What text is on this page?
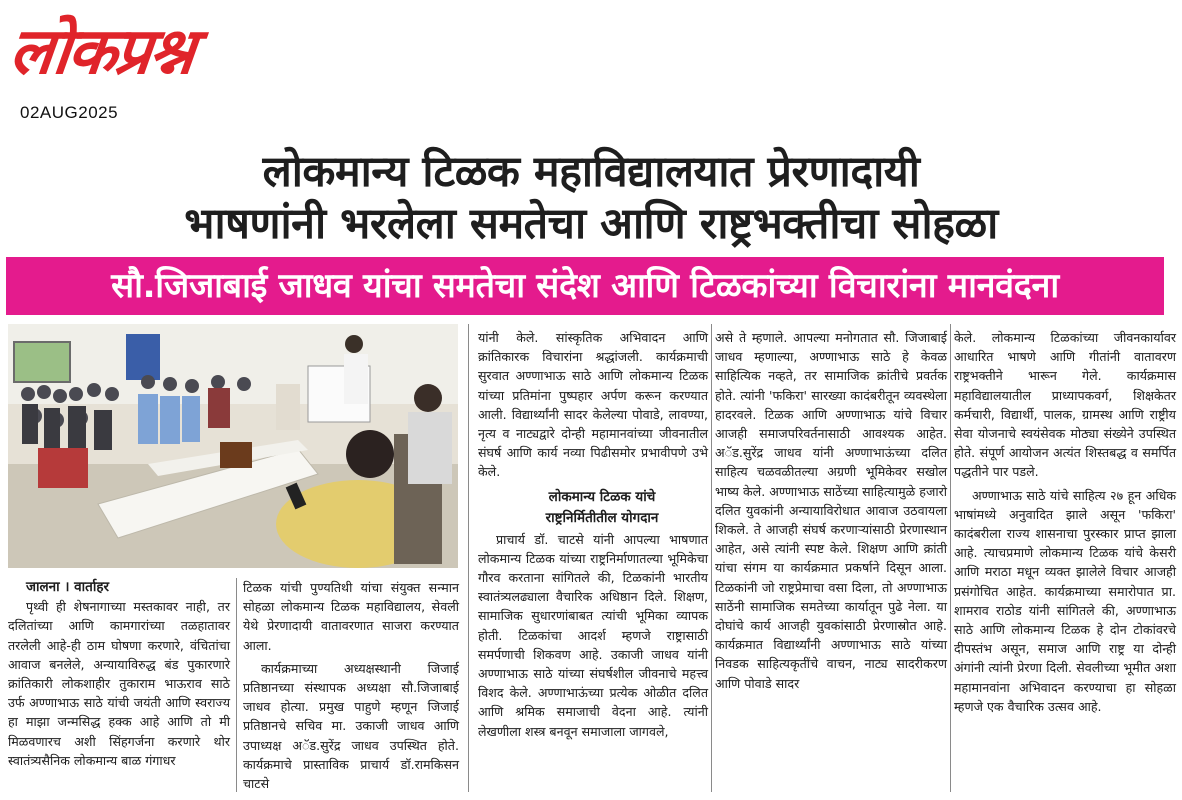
लोकप्रश्न
02AUG2025
लोकमान्य टिळक महाविद्यालयात प्रेरणादायी
भाषणांनी भरलेला समतेचा आणि राष्ट्रभक्तीचा सोहळा
सौ.जिजाबाई जाधव यांचा समतेचा संदेश आणि टिळकांच्या विचारांना मानवंदना

जालना । वार्ताहर

पृथ्वी ही शेषनागाच्या मस्तकावर नाही, तर दलितांच्या आणि कामगारांच्या तळहातावर तरलेली आहे-ही ठाम घोषणा करणारे, वंचितांचा आवाज बनलेले, अन्यायाविरुद्ध बंड पुकारणारे क्रांतिकारी लोकशाहीर तुकाराम भाऊराव साठे उर्फ अण्णाभाऊ साठे यांची जयंती आणि स्वराज्य हा माझा जन्मसिद्ध हक्क आहे आणि तो मी मिळवणारच अशी सिंहगर्जना करणारे थोर स्वातंत्र्यसैनिक लोकमान्य बाळ गंगाधर

टिळक यांची पुण्यतिथी यांचा संयुक्त सन्मान सोहळा लोकमान्य टिळक महाविद्यालय, सेवली येथे प्रेरणादायी वातावरणात साजरा करण्यात आला.

कार्यक्रमाच्या अध्यक्षस्थानी जिजाई प्रतिष्ठानच्या संस्थापक अध्यक्षा सौ.जिजाबाई जाधव होत्या. प्रमुख पाहुणे म्हणून जिजाई प्रतिष्ठानचे सचिव मा. उकाजी जाधव आणि उपाध्यक्ष अॅड.सुरेंद्र जाधव उपस्थित होते. कार्यक्रमाचे प्रास्ताविक प्राचार्य डॉ.रामकिसन चाटसे

यांनी केले. सांस्कृतिक अभिवादन आणि क्रांतिकारक विचारांना श्रद्धांजली. कार्यक्रमाची सुरवात अण्णाभाऊ साठे आणि लोकमान्य टिळक यांच्या प्रतिमांना पुष्पहार अर्पण करून करण्यात आली. विद्यार्थ्यांनी सादर केलेल्या पोवाडे, लावण्या, नृत्य व नाट्यद्वारे दोन्ही महामानवांच्या जीवनातील संघर्ष आणि कार्य नव्या पिढीसमोर प्रभावीपणे उभे केले.

लोकमान्य टिळक यांचे

राष्ट्रनिर्मितीतील योगदान

प्राचार्य डॉ. चाटसे यांनी आपल्या भाषणात लोकमान्य टिळक यांच्या राष्ट्रनिर्माणातल्या भूमिकेचा गौरव करताना सांगितले की, टिळकांनी भारतीय स्वातंत्र्यलढ्याला वैचारिक अधिष्ठान दिले. शिक्षण, सामाजिक सुधारणांबाबत त्यांची भूमिका व्यापक होती. टिळकांचा आदर्श म्हणजे राष्ट्रासाठी समर्पणाची शिकवण आहे. उकाजी जाधव यांनी अण्णाभाऊ साठे यांच्या संघर्षशील जीवनाचे महत्त्व विशद केले. अण्णाभाऊंच्या प्रत्येक ओळीत दलित आणि श्रमिक समाजाची वेदना आहे. त्यांनी लेखणीला शस्त्र बनवून समाजाला जागवले,

असे ते म्हणाले. आपल्या मनोगतात सौ. जिजाबाई जाधव म्हणाल्या, अण्णाभाऊ साठे हे केवळ साहित्यिक नव्हते, तर सामाजिक क्रांतीचे प्रवर्तक होते. त्यांनी 'फकिरा' सारख्या कादंबरीतून व्यवस्थेला हादरवले. टिळक आणि अण्णाभाऊ यांचे विचार आजही समाजपरिवर्तनासाठी आवश्यक आहेत. अॅड.सुरेंद्र जाधव यांनी अण्णाभाऊंच्या दलित साहित्य चळवळीतल्या अग्रणी भूमिकेवर सखोल भाष्य केले. अण्णाभाऊ साठेंच्या साहित्यामुळे हजारो दलित युवकांनी अन्यायाविरोधात आवाज उठवायला शिकले. ते आजही संघर्ष करणाऱ्यांसाठी प्रेरणास्थान आहेत, असे त्यांनी स्पष्ट केले. शिक्षण आणि क्रांती यांचा संगम या कार्यक्रमात प्रकर्षाने दिसून आला. टिळकांनी जो राष्ट्रप्रेमाचा वसा दिला, तो अण्णाभाऊ साठेंनी सामाजिक समतेच्या कार्यातून पुढे नेला. या दोघांचे कार्य आजही युवकांसाठी प्रेरणास्रोत आहे. कार्यक्रमात विद्यार्थ्यांनी अण्णाभाऊ साठे यांच्या निवडक साहित्यकृतींचे वाचन, नाट्य सादरीकरण आणि पोवाडे सादर

केले. लोकमान्य टिळकांच्या जीवनकार्यावर आधारित भाषणे आणि गीतांनी वातावरण राष्ट्रभक्तीने भारून गेले. कार्यक्रमास महाविद्यालयातील प्राध्यापकवर्ग, शिक्षकेतर कर्मचारी, विद्यार्थी, पालक, ग्रामस्थ आणि राष्ट्रीय सेवा योजनाचे स्वयंसेवक मोठ्या संख्येने उपस्थित होते. संपूर्ण आयोजन अत्यंत शिस्तबद्ध व समर्पित पद्धतीने पार पडले.

अण्णाभाऊ साठे यांचे साहित्य २७ हून अधिक भाषांमध्ये अनुवादित झाले असून 'फकिरा' कादंबरीला राज्य शासनाचा पुरस्कार प्राप्त झाला आहे. त्याचप्रमाणे लोकमान्य टिळक यांचे केसरी आणि मराठा मधून व्यक्त झालेले विचार आजही प्रसंगोचित आहेत. कार्यक्रमाच्या समारोपात प्रा. शामराव राठोड यांनी सांगितले की, अण्णाभाऊ साठे आणि लोकमान्य टिळक हे दोन टोकांवरचे दीपस्तंभ असून, समाज आणि राष्ट्र या दोन्ही अंगांनी त्यांनी प्रेरणा दिली. सेवलीच्या भूमीत अशा महामानवांना अभिवादन करण्याचा हा सोहळा म्हणजे एक वैचारिक उत्सव आहे.
